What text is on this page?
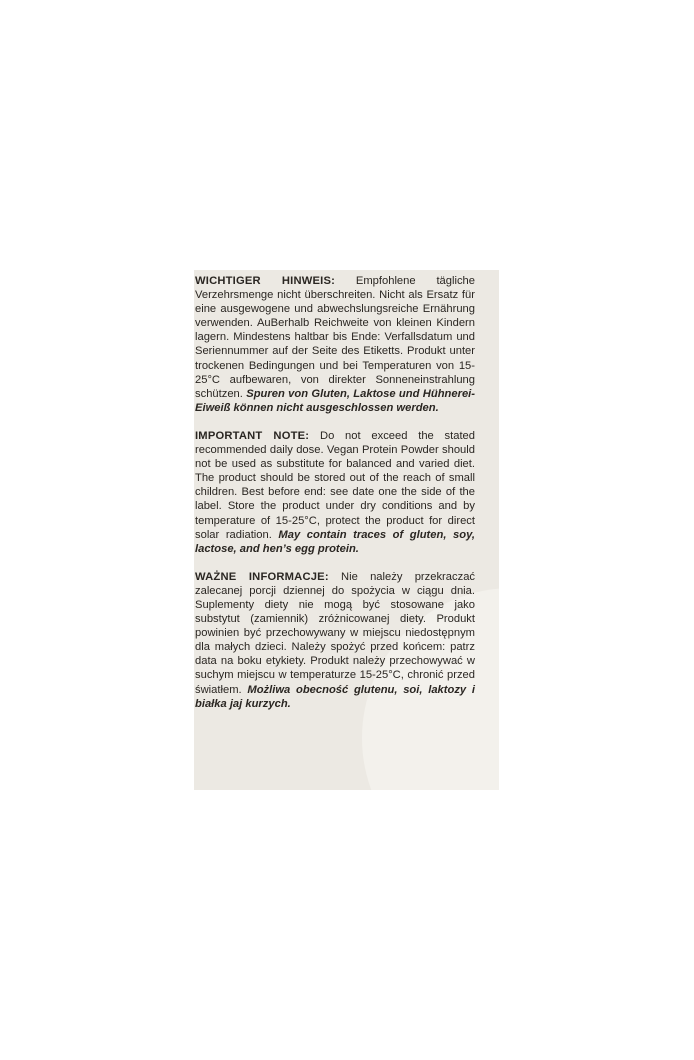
WICHTIGER HINWEIS: Empfohlene tägliche Verzehrsmenge nicht überschreiten. Nicht als Ersatz für eine ausgewogene und abwechslungsreiche Ernährung verwenden. AuBerhalb Reichweite von kleinen Kindern lagern. Mindestens haltbar bis Ende: Verfallsdatum und Seriennummer auf der Seite des Etiketts. Produkt unter trockenen Bedingungen und bei Temperaturen von 15-25°C aufbewaren, von direkter Sonneneinstrahlung schützen. Spuren von Gluten, Laktose und Hühnerei-Eiweiß können nicht ausgeschlossen werden.

IMPORTANT NOTE: Do not exceed the stated recommended daily dose. Vegan Protein Powder should not be used as substitute for balanced and varied diet. The product should be stored out of the reach of small children. Best before end: see date one the side of the label. Store the product under dry conditions and by temperature of 15-25°C, protect the product for direct solar radiation. May contain traces of gluten, soy, lactose, and hen’s egg protein.

WAŻNE INFORMACJE: Nie należy przekraczać zalecanej porcji dziennej do spożycia w ciągu dnia. Suplementy diety nie mogą być stosowane jako substytut (zamiennik) zróżnicowanej diety. Produkt powinien być przechowywany w miejscu niedostępnym dla małych dzieci. Należy spożyć przed końcem: patrz data na boku etykiety. Produkt należy przechowywać w suchym miejscu w temperaturze 15-25°C, chronić przed światłem. Możliwa obecność glutenu, soi, laktozy i białka jaj kurzych.
